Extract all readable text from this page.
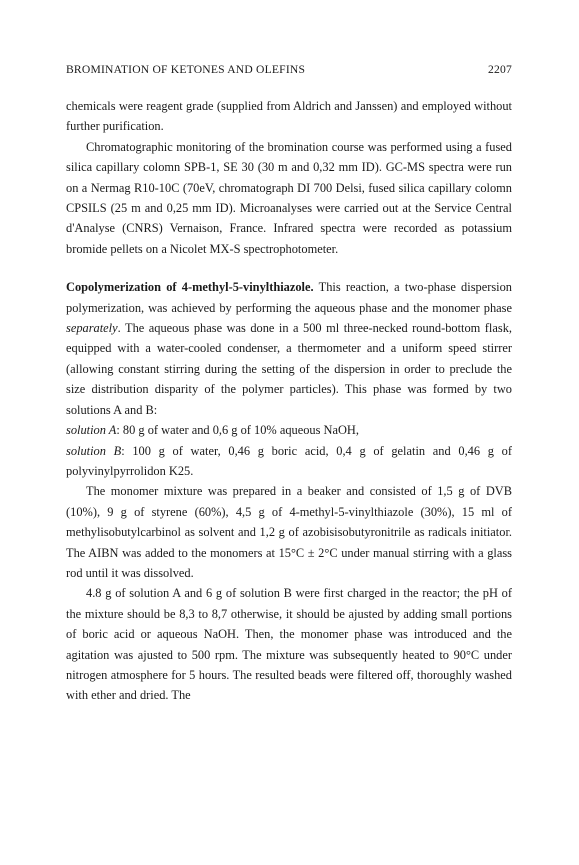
BROMINATION OF KETONES AND OLEFINS	2207

chemicals were reagent grade (supplied from Aldrich and Janssen) and employed without further purification.

Chromatographic monitoring of the bromination course was performed using a fused silica capillary colomn SPB-1, SE 30 (30 m and 0,32 mm ID). GC-MS spectra were run on a Nermag R10-10C (70eV, chromatograph DI 700 Delsi, fused silica capillary colomn CPSILS (25 m and 0,25 mm ID). Microanalyses were carried out at the Service Central d'Analyse (CNRS) Vernaison, France. Infrared spectra were recorded as potassium bromide pellets on a Nicolet MX-S spectrophotometer.

Copolymerization of 4-methyl-5-vinylthiazole. This reaction, a two-phase dispersion polymerization, was achieved by performing the aqueous phase and the monomer phase separately. The aqueous phase was done in a 500 ml three-necked round-bottom flask, equipped with a water-cooled condenser, a thermometer and a uniform speed stirrer (allowing constant stirring during the setting of the dispersion in order to preclude the size distribution disparity of the polymer particles). This phase was formed by two solutions A and B:

solution A: 80 g of water and 0,6 g of 10% aqueous NaOH,

solution B: 100 g of water, 0,46 g boric acid, 0,4 g of gelatin and 0,46 g of polyvinylpyrrolidon K25.

The monomer mixture was prepared in a beaker and consisted of 1,5 g of DVB (10%), 9 g of styrene (60%), 4,5 g of 4-methyl-5-vinylthiazole (30%), 15 ml of methylisobutylcarbinol as solvent and 1,2 g of azobisisobutyronitrile as radicals initiator. The AIBN was added to the monomers at 15°C ± 2°C under manual stirring with a glass rod until it was dissolved.

4.8 g of solution A and 6 g of solution B were first charged in the reactor; the pH of the mixture should be 8,3 to 8,7 otherwise, it should be ajusted by adding small portions of boric acid or aqueous NaOH. Then, the monomer phase was introduced and the agitation was ajusted to 500 rpm. The mixture was subsequently heated to 90°C under nitrogen atmosphere for 5 hours. The resulted beads were filtered off, thoroughly washed with ether and dried. The
